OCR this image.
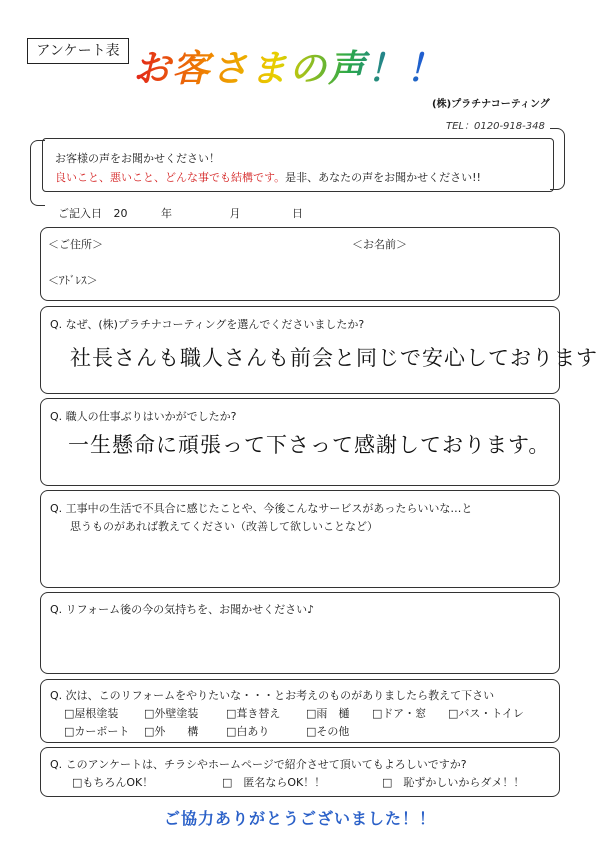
アンケート表 お客さまの声！！
(株)プラチナコーティング
TEL：0120-918-348
お客様の声をお聞かせください！
良いこと、悪いこと、どんな事でも結構です。是非、あなたの声をお聞かせください!!
ご記入日 20	年	月	日
＜ご住所＞	＜お名前＞
＜ｱﾄﾞﾚｽ＞
Q. なぜ、(株)プラチナコーティングを選んでくださいましたか?
社長さんも職人さんも前会と同じで安心しております
Q. 職人の仕事ぶりはいかがでしたか?
一生懸命に頑張って下さって感謝しております。
Q. 工事中の生活で不具合に感じたことや、今後こんなサービスがあったらいいな…と
思うものがあれば教えてください（改善して欲しいことなど）
Q. リフォーム後の今の気持ちを、お聞かせください♪
Q. 次は、このリフォームをやりたいな・・・とお考えのものがありましたら教えて下さい
□屋根塗装 □外壁塗装	□葺き替え □雨　樋 □ドア・窓 □バス・トイレ
□カーポート □外　　構	□白あり	□その他
Q. このアンケートは、チラシやホームページで紹介させて頂いてもよろしいですか?
□もちろんOK！	□　匿名ならOK！！	□　恥ずかしいからダメ！！
ご協力ありがとうございました！！
